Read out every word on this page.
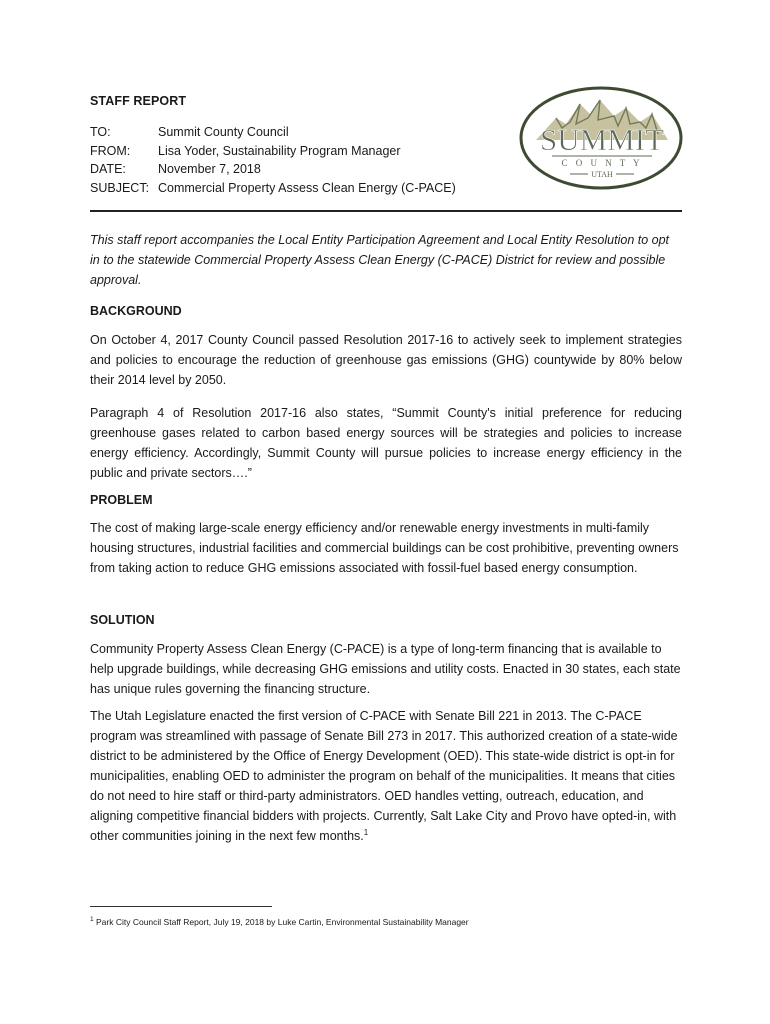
SUMMIT
C O U N T Y
UTAH
STAFF REPORT
TO:	Summit County Council
FROM:	Lisa Yoder, Sustainability Program Manager
DATE:	November 7, 2018
SUBJECT: Commercial Property Assess Clean Energy (C-PACE)
This staff report accompanies the Local Entity Participation Agreement and Local Entity Resolution to opt in to the statewide Commercial Property Assess Clean Energy (C-PACE) District for review and possible approval.
BACKGROUND
On October 4, 2017 County Council passed Resolution 2017-16 to actively seek to implement strategies and policies to encourage the reduction of greenhouse gas emissions (GHG) countywide by 80% below their 2014 level by 2050.
Paragraph 4 of Resolution 2017-16 also states, “Summit County's initial preference for reducing greenhouse gases related to carbon based energy sources will be strategies and policies to increase energy efficiency. Accordingly, Summit County will pursue policies to increase energy efficiency in the public and private sectors….”
PROBLEM
The cost of making large-scale energy efficiency and/or renewable energy investments in multi-family housing structures, industrial facilities and commercial buildings can be cost prohibitive, preventing owners from taking action to reduce GHG emissions associated with fossil-fuel based energy consumption.
SOLUTION
Community Property Assess Clean Energy (C-PACE) is a type of long-term financing that is available to help upgrade buildings, while decreasing GHG emissions and utility costs. Enacted in 30 states, each state has unique rules governing the financing structure.
The Utah Legislature enacted the first version of C-PACE with Senate Bill 221 in 2013. The C-PACE program was streamlined with passage of Senate Bill 273 in 2017. This authorized creation of a state-wide district to be administered by the Office of Energy Development (OED). This state-wide district is opt-in for municipalities, enabling OED to administer the program on behalf of the municipalities. It means that cities do not need to hire staff or third-party administrators. OED handles vetting, outreach, education, and aligning competitive financial bidders with projects. Currently, Salt Lake City and Provo have opted-in, with other communities joining in the next few months.$^1$
$^1$ Park City Council Staff Report, July 19, 2018 by Luke Cartin, Environmental Sustainability Manager
